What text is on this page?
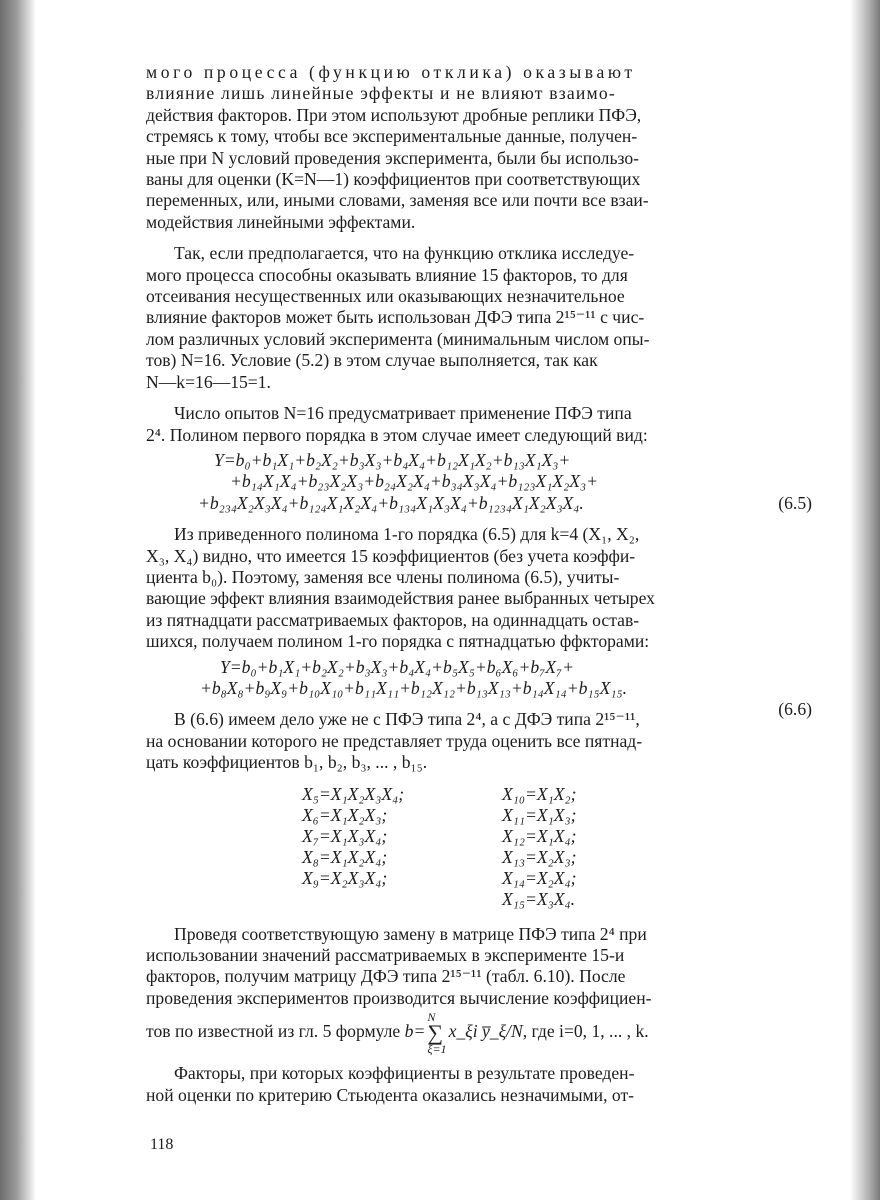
мого процесса (функцию отклика) оказывают
влияние лишь линейные эффекты и не влияют взаимо-
действия факторов. При этом используют дробные реплики ПФЭ,
стремясь к тому, чтобы все экспериментальные данные, получен-
ные при N условий проведения эксперимента, были бы использо-
ваны для оценки (K=N—1) коэффициентов при соответствующих
переменных, или, иными словами, заменяя все или почти все взаи-
модействия линейными эффектами.
Так, если предполагается, что на функцию отклика исследуе-
мого процесса способны оказывать влияние 15 факторов, то для
отсеивания несущественных или оказывающих незначительное
влияние факторов может быть использован ДФЭ типа 2¹⁵⁻¹¹ с чис-
лом различных условий эксперимента (минимальным числом опы-
тов) N=16. Условие (5.2) в этом случае выполняется, так как
N—k=16—15=1.
Число опытов N=16 предусматривает применение ПФЭ типа
2⁴. Полином первого порядка в этом случае имеет следующий вид:
Y=b₀+b₁X₁+b₂X₂+b₃X₃+b₄X₄+b₁₂X₁X₂+b₁₃X₁X₃+
+b₁₄X₁X₄+b₂₃X₂X₃+b₂₄X₂X₄+b₃₄X₃X₄+b₁₂₃X₁X₂X₃+
+b₂₃₄X₂X₃X₄+b₁₂₄X₁X₂X₄+b₁₃₄X₁X₃X₄+b₁₂₃₄X₁X₂X₃X₄.	(6.5)
Из приведенного полинома 1-го порядка (6.5) для k=4 (X₁, X₂,
X₃, X₄) видно, что имеется 15 коэффициентов (без учета коэффи-
циента b₀). Поэтому, заменяя все члены полинома (6.5), учиты-
вающие эффект влияния взаимодействия ранее выбранных четырех
из пятнадцати рассматриваемых факторов, на одиннадцать остав-
шихся, получаем полином 1-го порядка с пятнадцатью ффкторами:
Y=b₀+b₁X₁+b₂X₂+b₃X₃+b₄X₄+b₅X₅+b₆X₆+b₇X₇+
+b₈X₈+b₉X₉+b₁₀X₁₀+b₁₁X₁₁+b₁₂X₁₂+b₁₃X₁₃+b₁₄X₁₄+b₁₅X₁₅.
(6.6)
В (6.6) имеем дело уже не с ПФЭ типа 2⁴, а с ДФЭ типа 2¹⁵⁻¹¹,
на основании которого не представляет труда оценить все пятнад-
цать коэффициентов b₁, b₂, b₃, ... , b₁₅.
X₅=X₁X₂X₃X₄;	X₁₀=X₁X₂;
X₆=X₁X₂X₃;	X₁₁=X₁X₃;
X₇=X₁X₃X₄;	X₁₂=X₁X₄;
X₈=X₁X₂X₄;	X₁₃=X₂X₃;
X₉=X₂X₃X₄;	X₁₄=X₂X₄;
X₁₅=X₃X₄.
Проведя соответствующую замену в матрице ПФЭ типа 2⁴ при
использовании значений рассматриваемых в эксперименте 15-и
факторов, получим матрицу ДФЭ типа 2¹⁵⁻¹¹ (табл. 6.10). После
проведения экспериментов производится вычисление коэффициен-
тов по известной из гл. 5 формуле b=N
∑
ξ=1x_ξi y̅_ξ/N, где i=0, 1, ... , k.
Факторы, при которых коэффициенты в результате проведен-
ной оценки по критерию Стьюдента оказались незначимыми, от-
118
